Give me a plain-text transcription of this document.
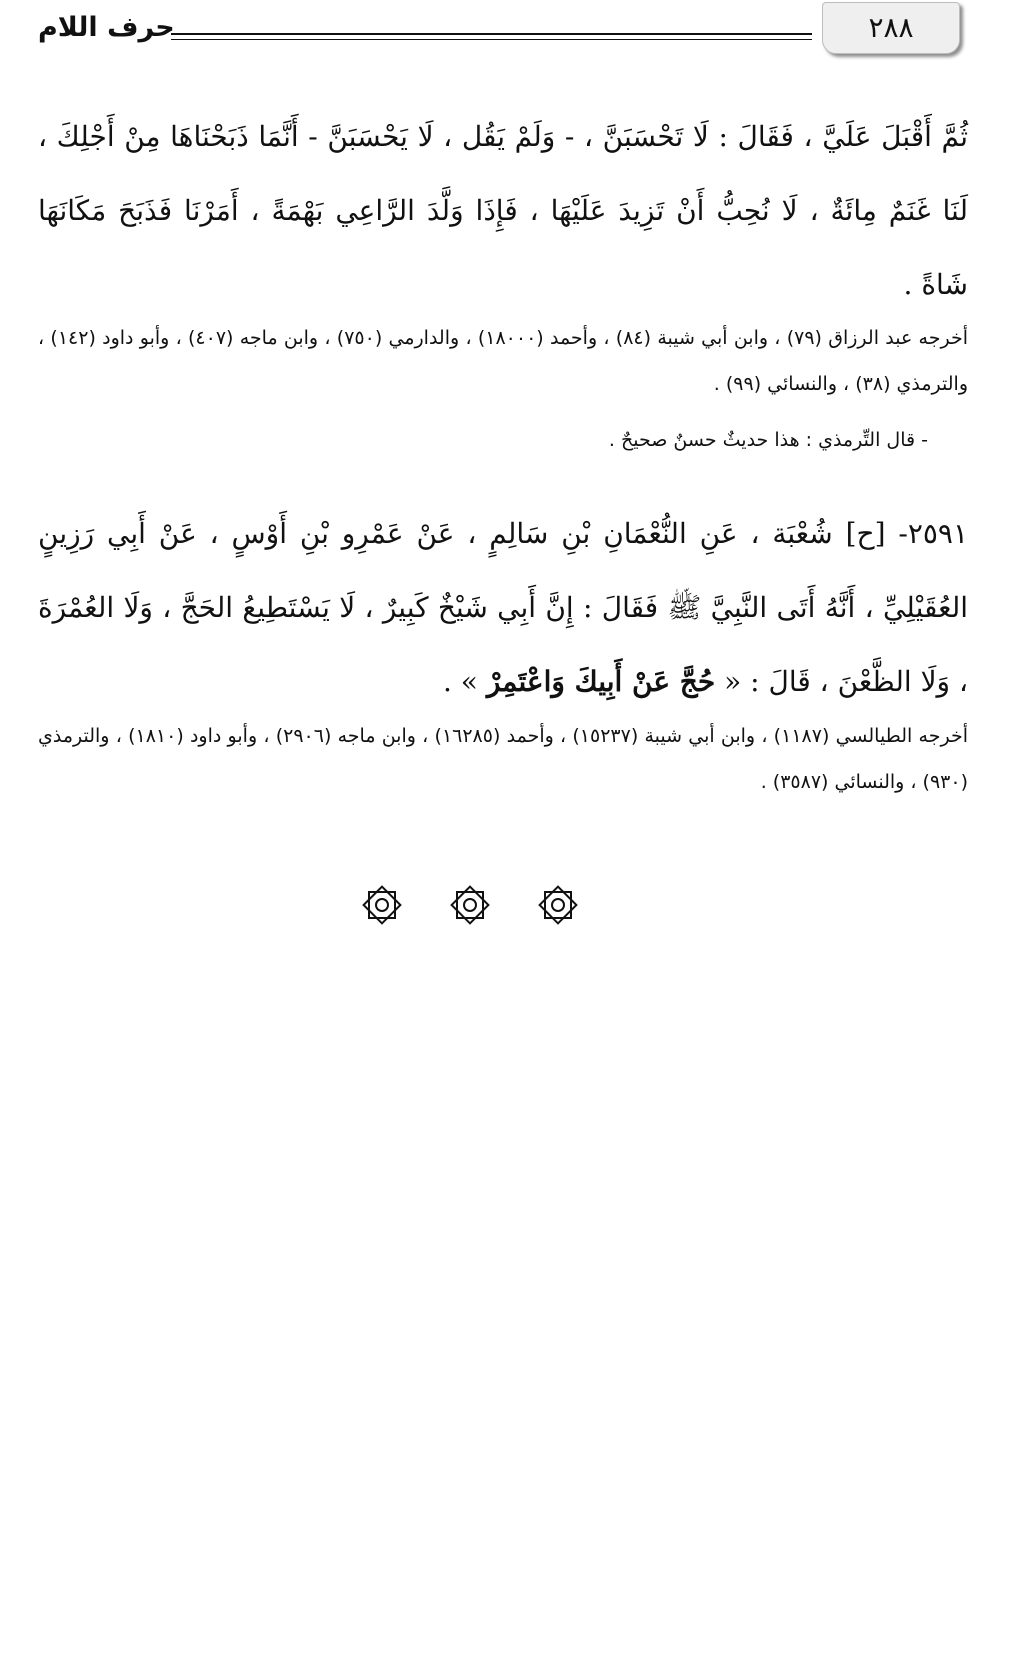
٢٨٨
حرف اللام
ثُمَّ أَقْبَلَ عَلَيَّ ، فَقَالَ : لَا تَحْسَبَنَّ ، - وَلَمْ يَقُل ، لَا يَحْسَبَنَّ - أَنَّمَا ذَبَحْنَاهَا مِنْ أَجْلِكَ ، لَنَا غَنَمٌ مِائَةٌ ، لَا نُحِبُّ أَنْ تَزِيدَ عَلَيْهَا ، فَإِذَا وَلَّدَ الرَّاعِي بَهْمَةً ، أَمَرْنَا فَذَبَحَ مَكَانَهَا شَاةً .
أخرجه عبد الرزاق (٧٩) ، وابن أبي شيبة (٨٤) ، وأحمد (١٨٠٠٠) ، والدارمي (٧٥٠) ، وابن ماجه (٤٠٧) ، وأبو داود (١٤٢) ، والترمذي (٣٨) ، والنسائي (٩٩) .
- قال التِّرمذي : هذا حديثٌ حسنٌ صحيحٌ .
٢٥٩١- [ح] شُعْبَة ، عَنِ النُّعْمَانِ بْنِ سَالِمٍ ، عَنْ عَمْرِو بْنِ أَوْسٍ ، عَنْ أَبِي رَزِينٍ العُقَيْلِيِّ ، أَنَّهُ أَتَى النَّبِيَّ ﷺ فَقَالَ : إِنَّ أَبِي شَيْخٌ كَبِيرٌ ، لَا يَسْتَطِيعُ الحَجَّ ، وَلَا العُمْرَةَ ، وَلَا الظَّعْنَ ، قَالَ : « حُجَّ عَنْ أَبِيكَ وَاعْتَمِرْ » .
أخرجه الطيالسي (١١٨٧) ، وابن أبي شيبة (١٥٢٣٧) ، وأحمد (١٦٢٨٥) ، وابن ماجه (٢٩٠٦) ، وأبو داود (١٨١٠) ، والترمذي (٩٣٠) ، والنسائي (٣٥٨٧) .
